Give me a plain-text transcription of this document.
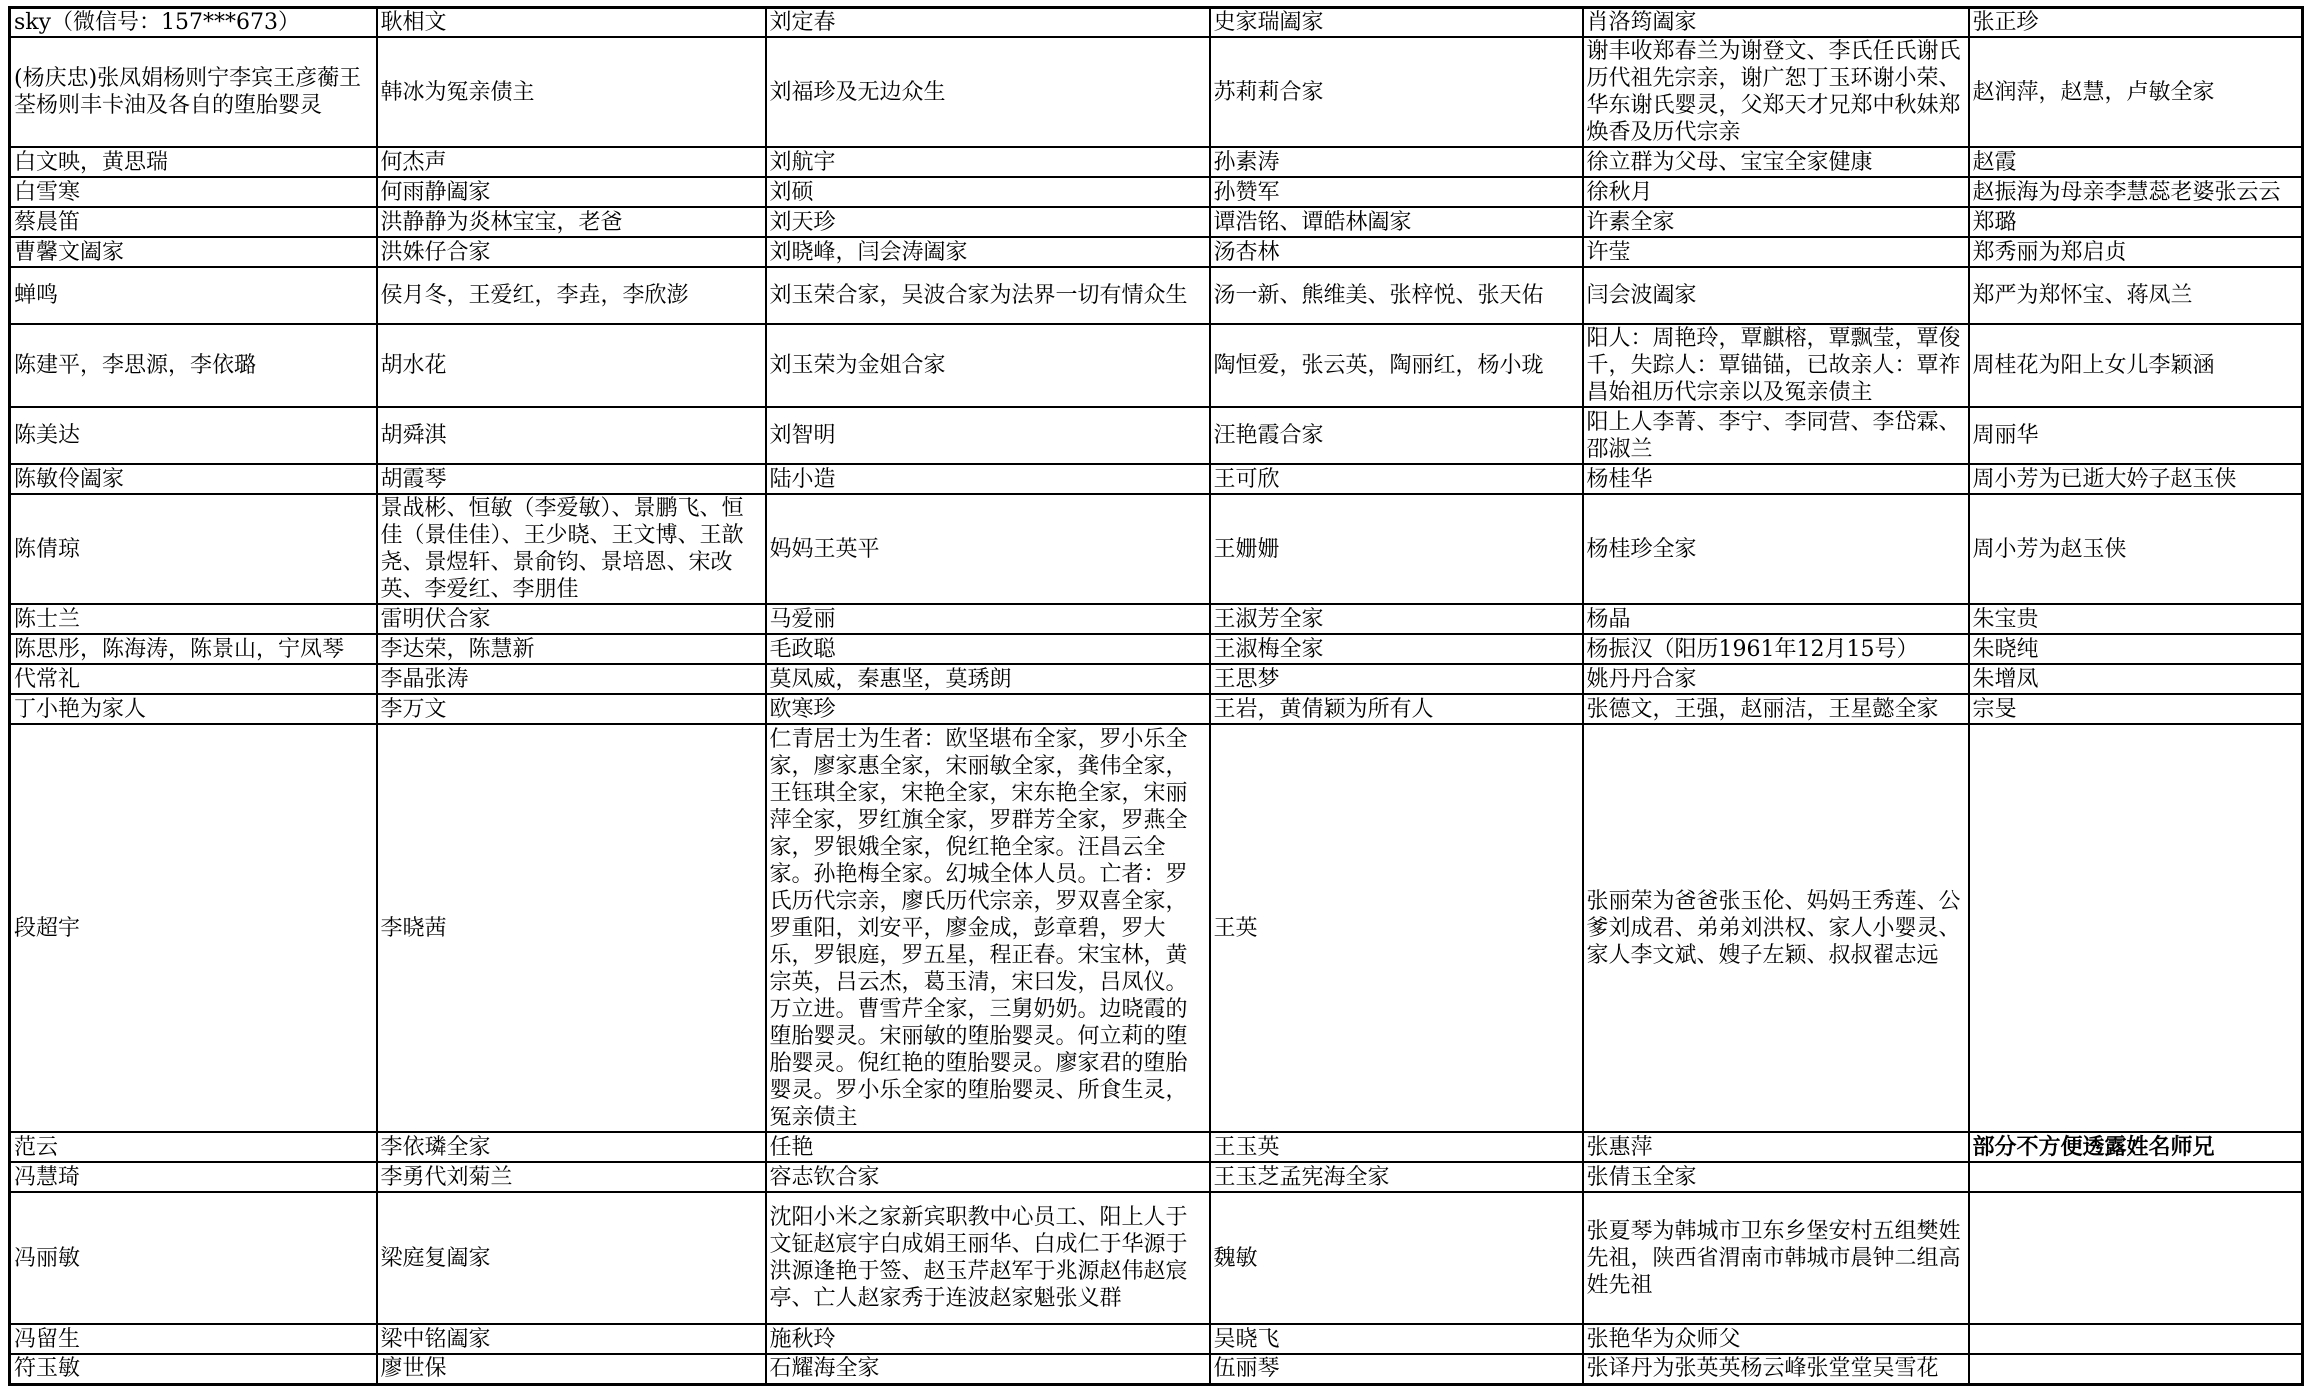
sky（微信号：157***673）	耿相文	刘定春	史家瑞阖家	肖洛筠阖家	张正珍
(杨庆忠)张凤娟杨则宁李宾王彦蘅王荃杨则丰卡油及各自的堕胎婴灵	韩冰为冤亲债主	刘福珍及无边众生	苏莉莉合家	谢丰收郑春兰为谢登文、李氏任氏谢氏历代祖先宗亲，谢广恕丁玉环谢小荣、华东谢氏婴灵，父郑天才兄郑中秋妹郑焕香及历代宗亲	赵润萍，赵慧，卢敏全家
白文映，黄思瑞	何杰声	刘航宇	孙素涛	徐立群为父母、宝宝全家健康	赵霞
白雪寒	何雨静阖家	刘硕	孙赞军	徐秋月	赵振海为母亲李慧蕊老婆张云云
蔡晨笛	洪静静为炎林宝宝，老爸	刘天珍	谭浩铭、谭皓林阖家	许素全家	郑璐
曹馨文阖家	洪姝仔合家	刘晓峰，闫会涛阖家	汤杏林	许莹	郑秀丽为郑启贞
蝉鸣	侯月冬，王爱红，李垚，李欣澎	刘玉荣合家，吴波合家为法界一切有情众生	汤一新、熊维美、张梓悦、张天佑	闫会波阖家	郑严为郑怀宝、蒋凤兰
陈建平，李思源，李依璐	胡水花	刘玉荣为金姐合家	陶恒爱，张云英，陶丽红，杨小珑	阳人：周艳玲，覃麒榕，覃飘莹，覃俊千，失踪人：覃锚锚，已故亲人：覃祚昌始祖历代宗亲以及冤亲债主	周桂花为阳上女儿李颖涵
陈美达	胡舜淇	刘智明	汪艳霞合家	阳上人李菁、李宁、李同营、李岱霖、邵淑兰	周丽华
陈敏伶阖家	胡霞琴	陆小造	王可欣	杨桂华	周小芳为已逝大妗子赵玉侠
陈倩琼	景战彬、恒敏（李爱敏）、景鹏飞、恒佳（景佳佳）、王少晓、王文博、王歆尧、景煜轩、景俞钧、景培恩、宋改英、李爱红、李朋佳	妈妈王英平	王姗姗	杨桂珍全家	周小芳为赵玉侠
陈士兰	雷明伏合家	马爱丽	王淑芳全家	杨晶	朱宝贵
陈思彤，陈海涛，陈景山，宁凤琴	李达荣，陈慧新	毛政聪	王淑梅全家	杨振汉（阳历1961年12月15号）	朱晓纯
代常礼	李晶张涛	莫凤威，秦惠坚，莫琇朗	王思梦	姚丹丹合家	朱增凤
丁小艳为家人	李万文	欧寒珍	王岩，黄倩颖为所有人	张德文，王强，赵丽洁，王星懿全家	宗旻
段超宇	李晓茜	仁青居士为生者：欧坚堪布全家，罗小乐全家，廖家惠全家，宋丽敏全家，龚伟全家，王钰琪全家，宋艳全家，宋东艳全家，宋丽萍全家，罗红旗全家，罗群芳全家，罗燕全家，罗银娥全家，倪红艳全家。汪昌云全家。孙艳梅全家。幻城全体人员。亡者：罗氏历代宗亲，廖氏历代宗亲，罗双喜全家，罗重阳，刘安平，廖金成，彭章碧，罗大乐，罗银庭，罗五星，程正春。宋宝林，黄宗英，吕云杰，葛玉清，宋曰发，吕凤仪。万立进。曹雪芹全家，三舅奶奶。边晓霞的堕胎婴灵。宋丽敏的堕胎婴灵。何立莉的堕胎婴灵。倪红艳的堕胎婴灵。廖家君的堕胎婴灵。罗小乐全家的堕胎婴灵、所食生灵，冤亲债主	王英	张丽荣为爸爸张玉伦、妈妈王秀莲、公爹刘成君、弟弟刘洪权、家人小婴灵、家人李文斌、嫂子左颖、叔叔翟志远	
范云	李依璘全家	任艳	王玉英	张惠萍	部分不方便透露姓名师兄
冯慧琦	李勇代刘菊兰	容志钦合家	王玉芝孟宪海全家	张倩玉全家	
冯丽敏	梁庭复阖家	沈阳小米之家新宾职教中心员工、阳上人于文钲赵宸宇白成娟王丽华、白成仁于华源于洪源逢艳于签、赵玉芹赵军于兆源赵伟赵宸亭、亡人赵家秀于连波赵家魁张义群	魏敏	张夏琴为韩城市卫东乡堡安村五组樊姓先祖，陕西省渭南市韩城市晨钟二组高姓先祖	
冯留生	梁中铭阖家	施秋玲	吴晓飞	张艳华为众师父	
符玉敏	廖世保	石耀海全家	伍丽琴	张译丹为张英英杨云峰张堂堂吴雪花	
